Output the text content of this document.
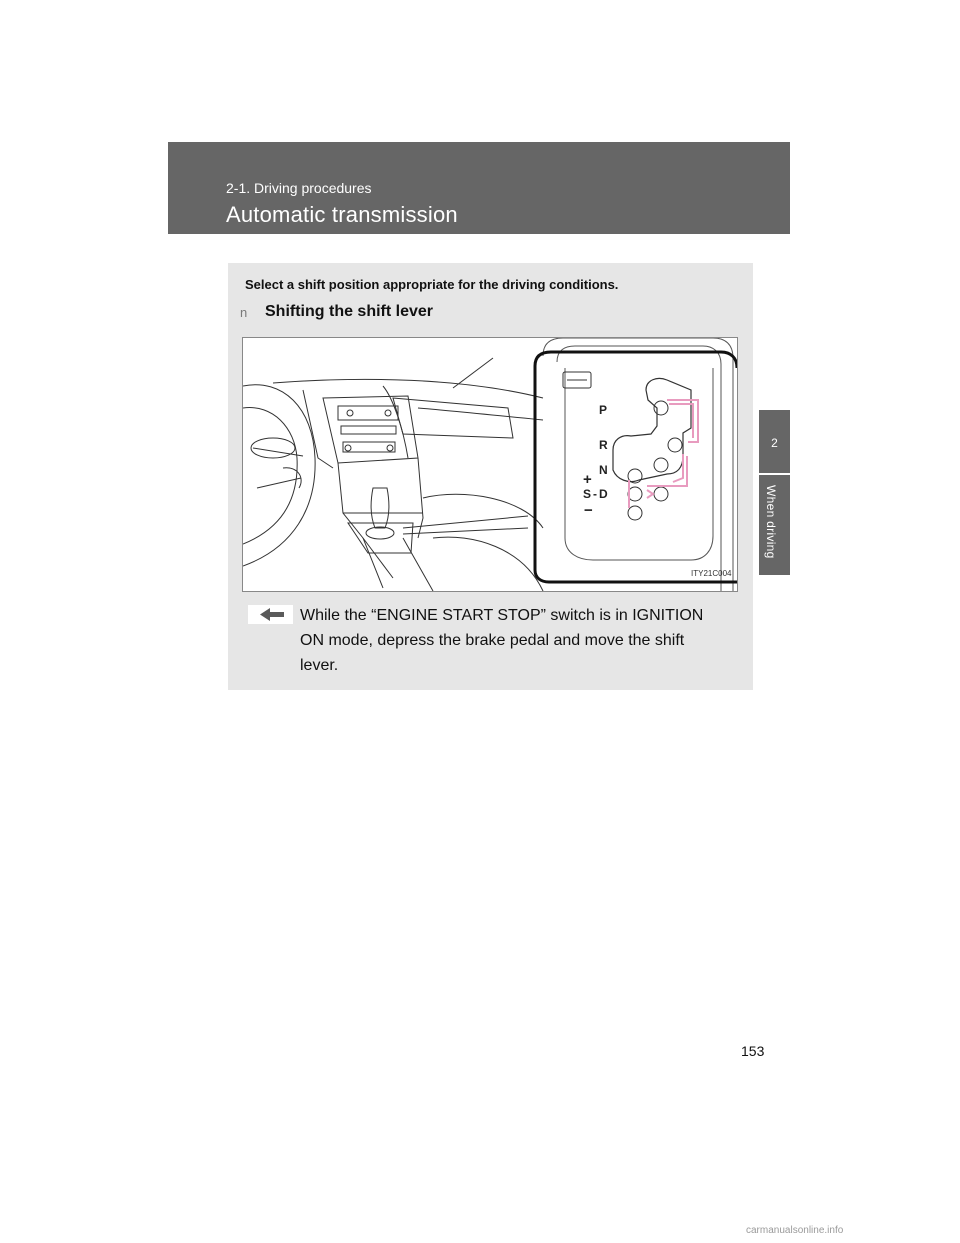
2-1. Driving procedures
Automatic transmission
2
When driving
Select a shift position appropriate for the driving conditions.
n Shifting the shift lever
P
R
N
S D
+
−
-
ITY21C004
While the “ENGINE START STOP” switch is in IGNITION ON mode, depress the brake pedal and move the shift lever.
153
carmanualsonline.info
